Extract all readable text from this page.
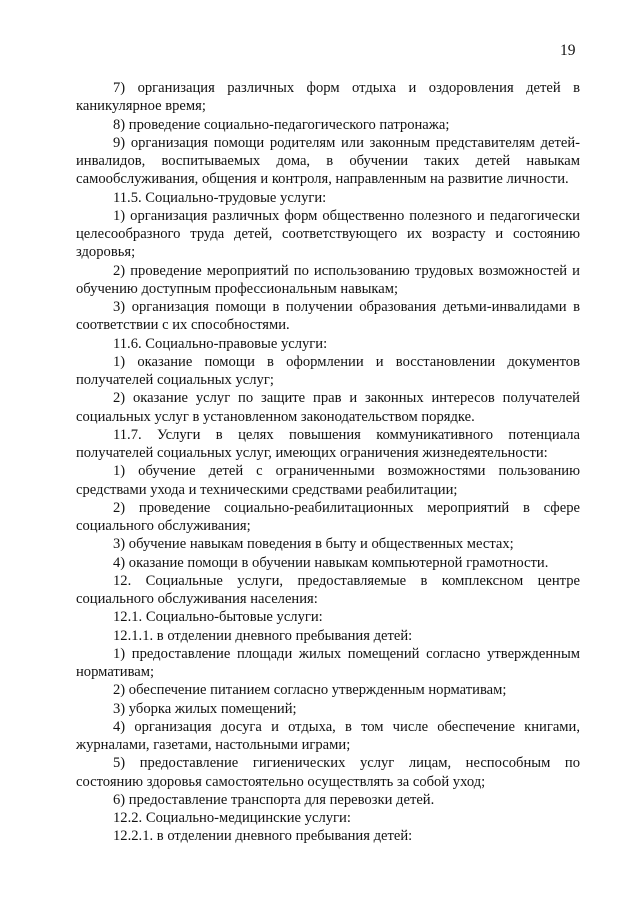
19

7) организация различных форм отдыха и оздоровления детей в каникулярное время;

8) проведение социально-педагогического патронажа;

9) организация помощи родителям или законным представителям детей-инвалидов, воспитываемых дома, в обучении таких детей навыкам самообслуживания, общения и контроля, направленным на развитие личности.

11.5. Социально-трудовые услуги:

1) организация различных форм общественно полезного и педагогически целесообразного труда детей, соответствующего их возрасту и состоянию здоровья;

2) проведение мероприятий по использованию трудовых возможностей и обучению доступным профессиональным навыкам;

3) организация помощи в получении образования детьми-инвалидами в соответствии с их способностями.

11.6. Социально-правовые услуги:

1) оказание помощи в оформлении и восстановлении документов получателей социальных услуг;

2) оказание услуг по защите прав и законных интересов получателей социальных услуг в установленном законодательством порядке.

11.7. Услуги в целях повышения коммуникативного потенциала получателей социальных услуг, имеющих ограничения жизнедеятельности:

1) обучение детей с ограниченными возможностями пользованию средствами ухода и техническими средствами реабилитации;

2) проведение социально-реабилитационных мероприятий в сфере социального обслуживания;

3) обучение навыкам поведения в быту и общественных местах;

4) оказание помощи в обучении навыкам компьютерной грамотности.

12. Социальные услуги, предоставляемые в комплексном центре социального обслуживания населения:

12.1. Социально-бытовые услуги:

12.1.1. в отделении дневного пребывания детей:

1) предоставление площади жилых помещений согласно утвержденным нормативам;

2) обеспечение питанием согласно утвержденным нормативам;

3) уборка жилых помещений;

4) организация досуга и отдыха, в том числе обеспечение книгами, журналами, газетами, настольными играми;

5) предоставление гигиенических услуг лицам, неспособным по состоянию здоровья самостоятельно осуществлять за собой уход;

6) предоставление транспорта для перевозки детей.

12.2. Социально-медицинские услуги:

12.2.1. в отделении дневного пребывания детей:
